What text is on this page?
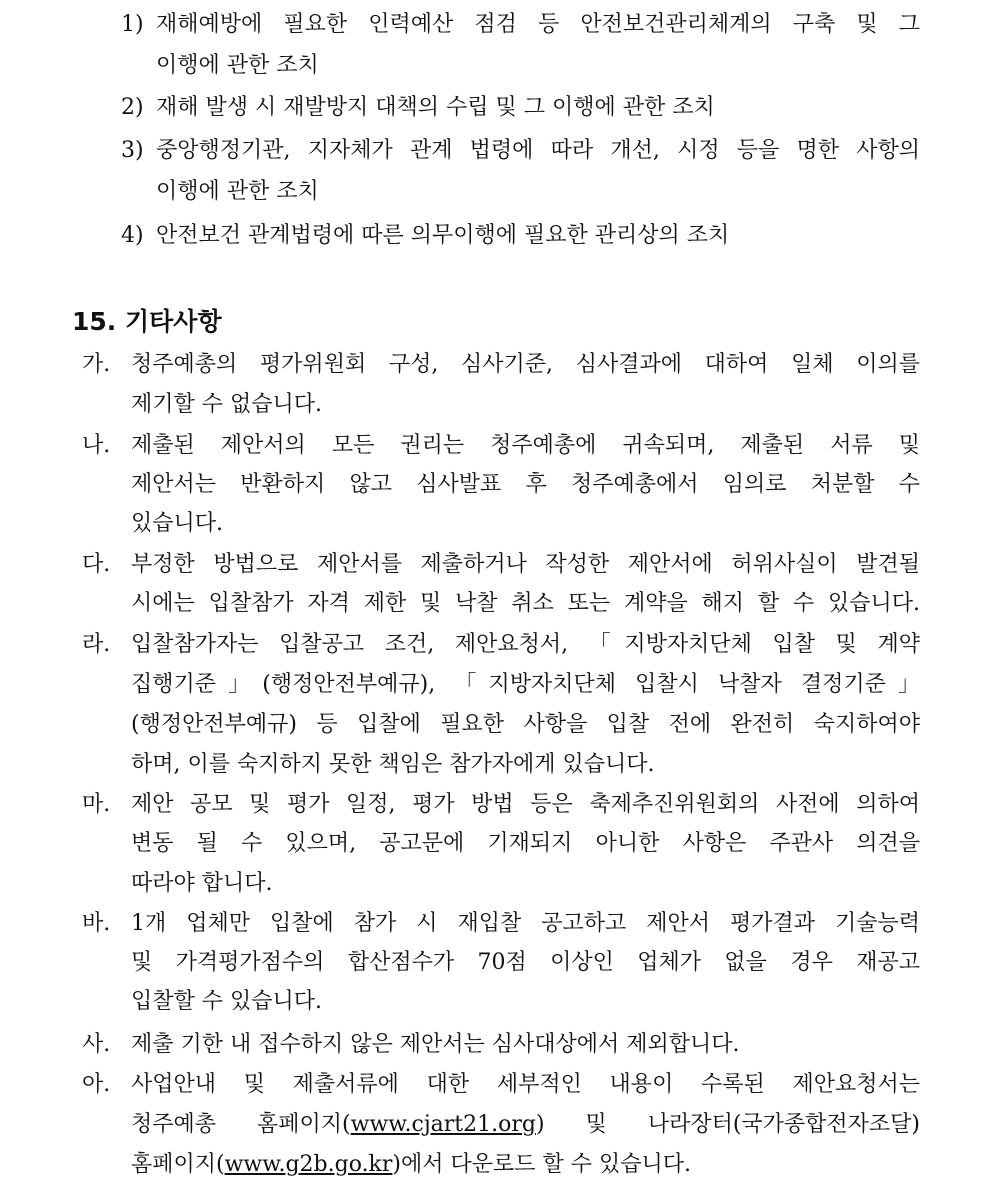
1) 재해예방에 필요한 인력예산 점검 등 안전보건관리체계의 구축 및 그
이행에 관한 조치
2) 재해 발생 시 재발방지 대책의 수립 및 그 이행에 관한 조치
3) 중앙행정기관, 지자체가 관계 법령에 따라 개선, 시정 등을 명한 사항의
이행에 관한 조치
4) 안전보건 관계법령에 따른 의무이행에 필요한 관리상의 조치
15. 기타사항
가. 청주예총의 평가위원회 구성, 심사기준, 심사결과에 대하여 일체 이의를
제기할 수 없습니다.
나. 제출된 제안서의 모든 권리는 청주예총에 귀속되며, 제출된 서류 및
제안서는 반환하지 않고 심사발표 후 청주예총에서 임의로 처분할 수
있습니다.
다. 부정한 방법으로 제안서를 제출하거나 작성한 제안서에 허위사실이 발견될
시에는 입찰참가 자격 제한 및 낙찰 취소 또는 계약을 해지 할 수 있습니다.
라. 입찰참가자는 입찰공고 조건, 제안요청서, 「지방자치단체 입찰 및 계약
집행기준」(행정안전부예규), 「지방자치단체 입찰시 낙찰자 결정기준」
(행정안전부예규) 등 입찰에 필요한 사항을 입찰 전에 완전히 숙지하여야
하며, 이를 숙지하지 못한 책임은 참가자에게 있습니다.
마. 제안 공모 및 평가 일정, 평가 방법 등은 축제추진위원회의 사전에 의하여
변동 될 수 있으며, 공고문에 기재되지 아니한 사항은 주관사 의견을
따라야 합니다.
바. 1개 업체만 입찰에 참가 시 재입찰 공고하고 제안서 평가결과 기술능력
및 가격평가점수의 합산점수가 70점 이상인 업체가 없을 경우 재공고
입찰할 수 있습니다.
사. 제출 기한 내 접수하지 않은 제안서는 심사대상에서 제외합니다.
아. 사업안내 및 제출서류에 대한 세부적인 내용이 수록된 제안요청서는
청주예총 홈페이지(www.cjart21.org) 및 나라장터(국가종합전자조달)
홈페이지(www.g2b.go.kr)에서 다운로드 할 수 있습니다.
